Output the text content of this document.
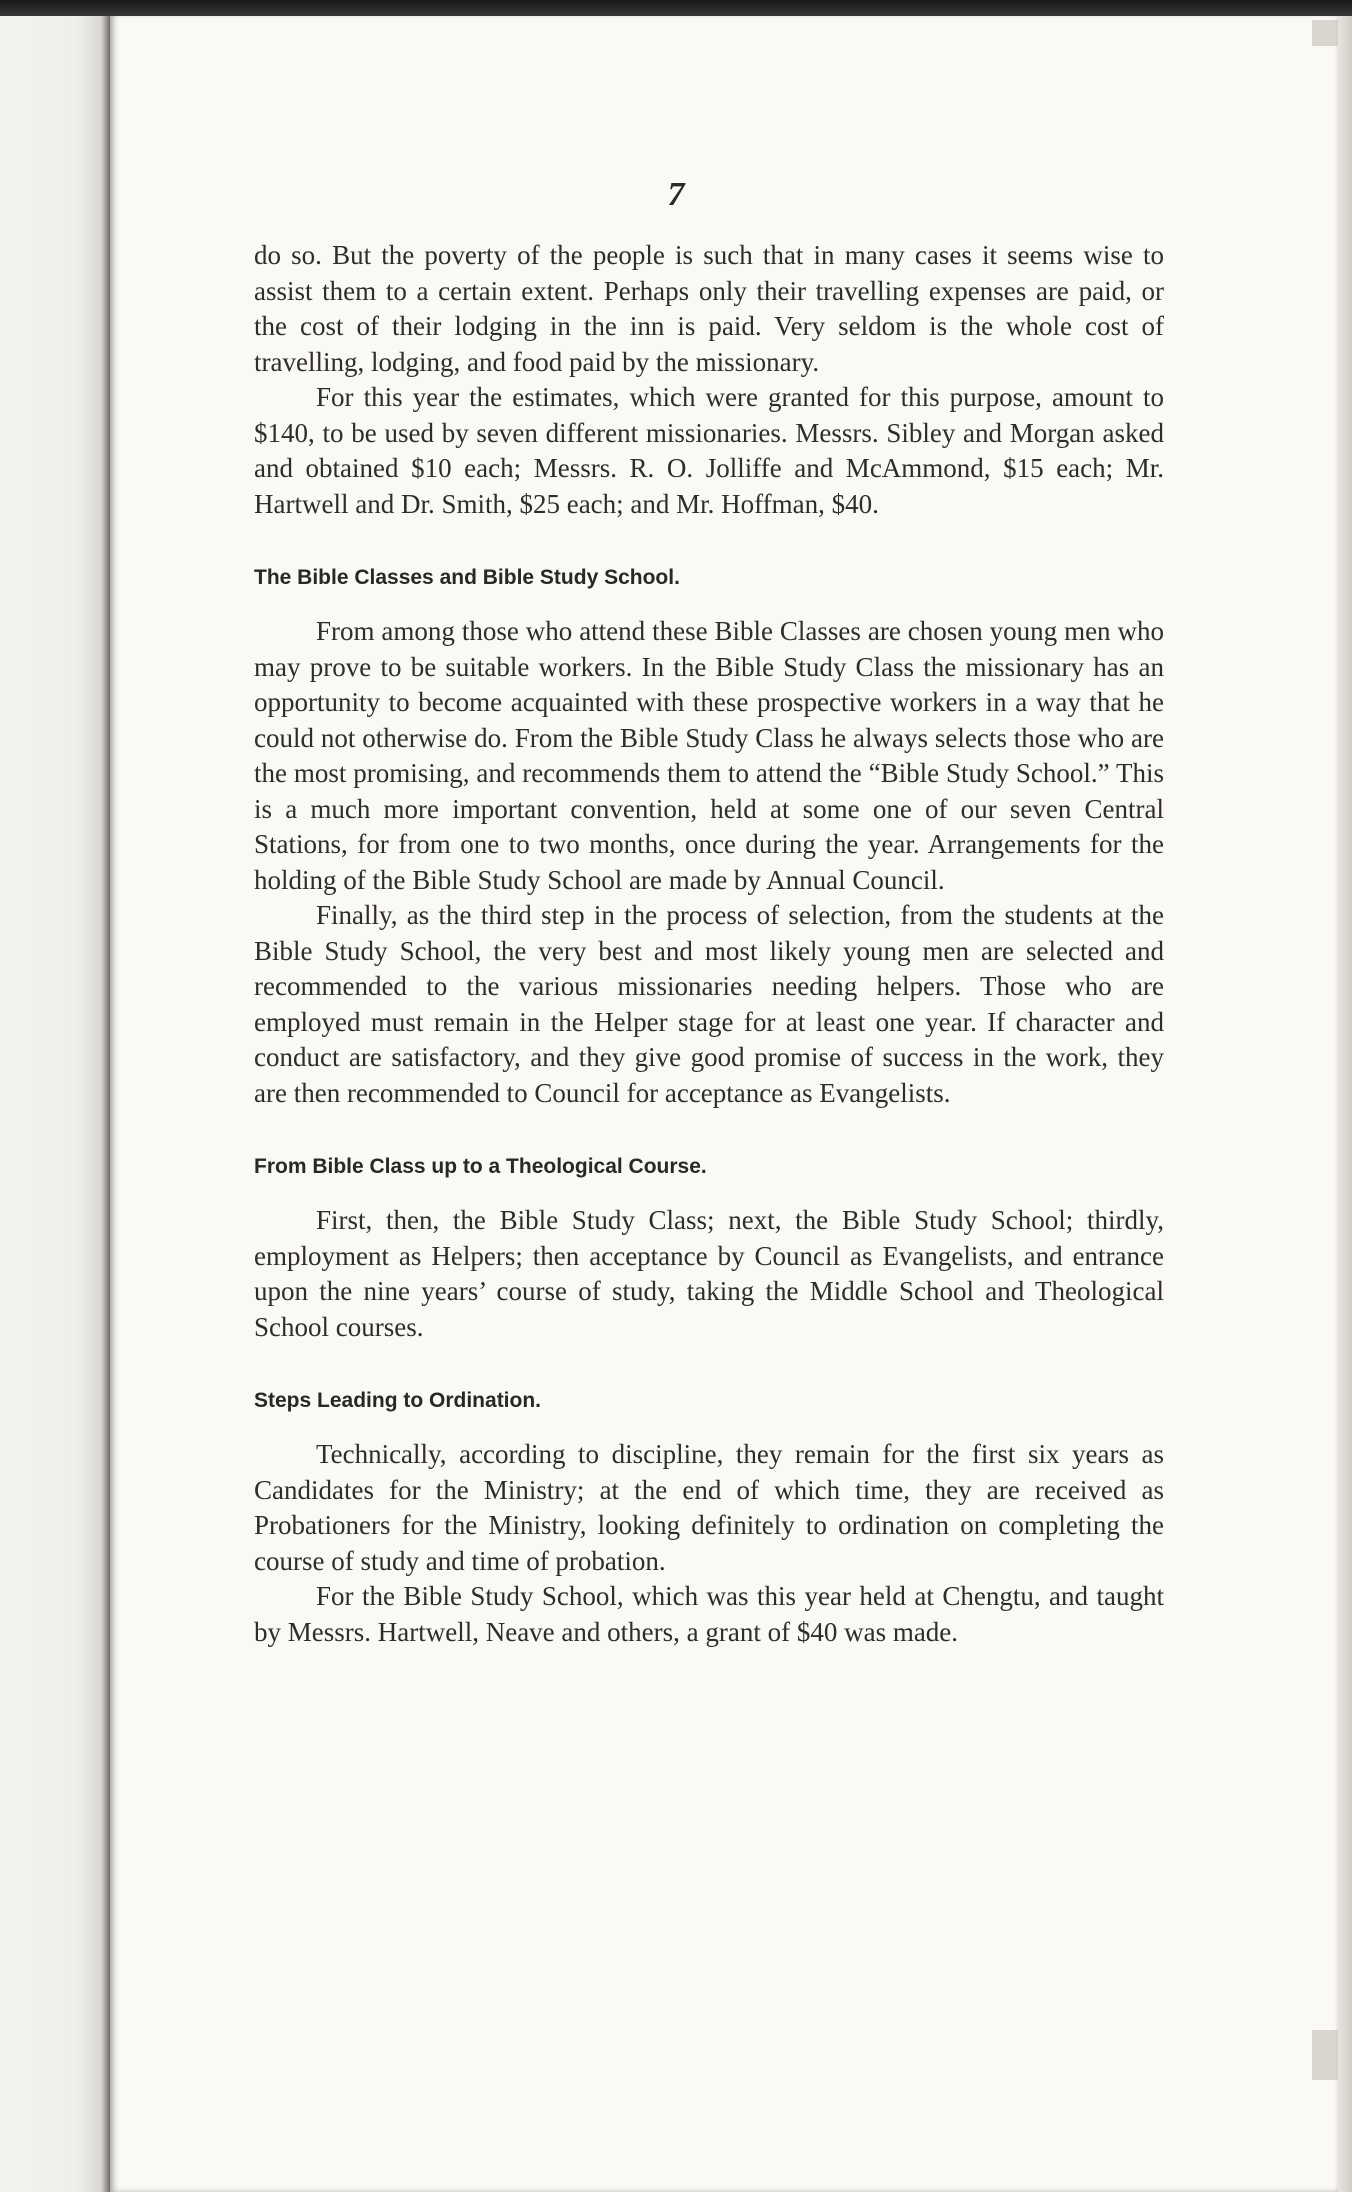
7

do so. But the poverty of the people is such that in many cases it seems wise to assist them to a certain extent. Perhaps only their travelling expenses are paid, or the cost of their lodging in the inn is paid. Very seldom is the whole cost of travelling, lodging, and food paid by the missionary.

For this year the estimates, which were granted for this purpose, amount to $140, to be used by seven different missionaries. Messrs. Sibley and Morgan asked and obtained $10 each; Messrs. R. O. Jolliffe and McAmmond, $15 each; Mr. Hartwell and Dr. Smith, $25 each; and Mr. Hoffman, $40.

The Bible Classes and Bible Study School.

From among those who attend these Bible Classes are chosen young men who may prove to be suitable workers. In the Bible Study Class the missionary has an opportunity to become acquainted with these prospective workers in a way that he could not otherwise do. From the Bible Study Class he always selects those who are the most promising, and recommends them to attend the “Bible Study School.” This is a much more important convention, held at some one of our seven Central Stations, for from one to two months, once during the year. Arrangements for the holding of the Bible Study School are made by Annual Council.

Finally, as the third step in the process of selection, from the students at the Bible Study School, the very best and most likely young men are selected and recommended to the various missionaries needing helpers. Those who are employed must remain in the Helper stage for at least one year. If character and conduct are satisfactory, and they give good promise of success in the work, they are then recommended to Council for acceptance as Evangelists.

From Bible Class up to a Theological Course.

First, then, the Bible Study Class; next, the Bible Study School; thirdly, employment as Helpers; then acceptance by Council as Evangelists, and entrance upon the nine years’ course of study, taking the Middle School and Theological School courses.

Steps Leading to Ordination.

Technically, according to discipline, they remain for the first six years as Candidates for the Ministry; at the end of which time, they are received as Probationers for the Ministry, looking definitely to ordination on completing the course of study and time of probation.

For the Bible Study School, which was this year held at Chengtu, and taught by Messrs. Hartwell, Neave and others, a grant of $40 was made.
